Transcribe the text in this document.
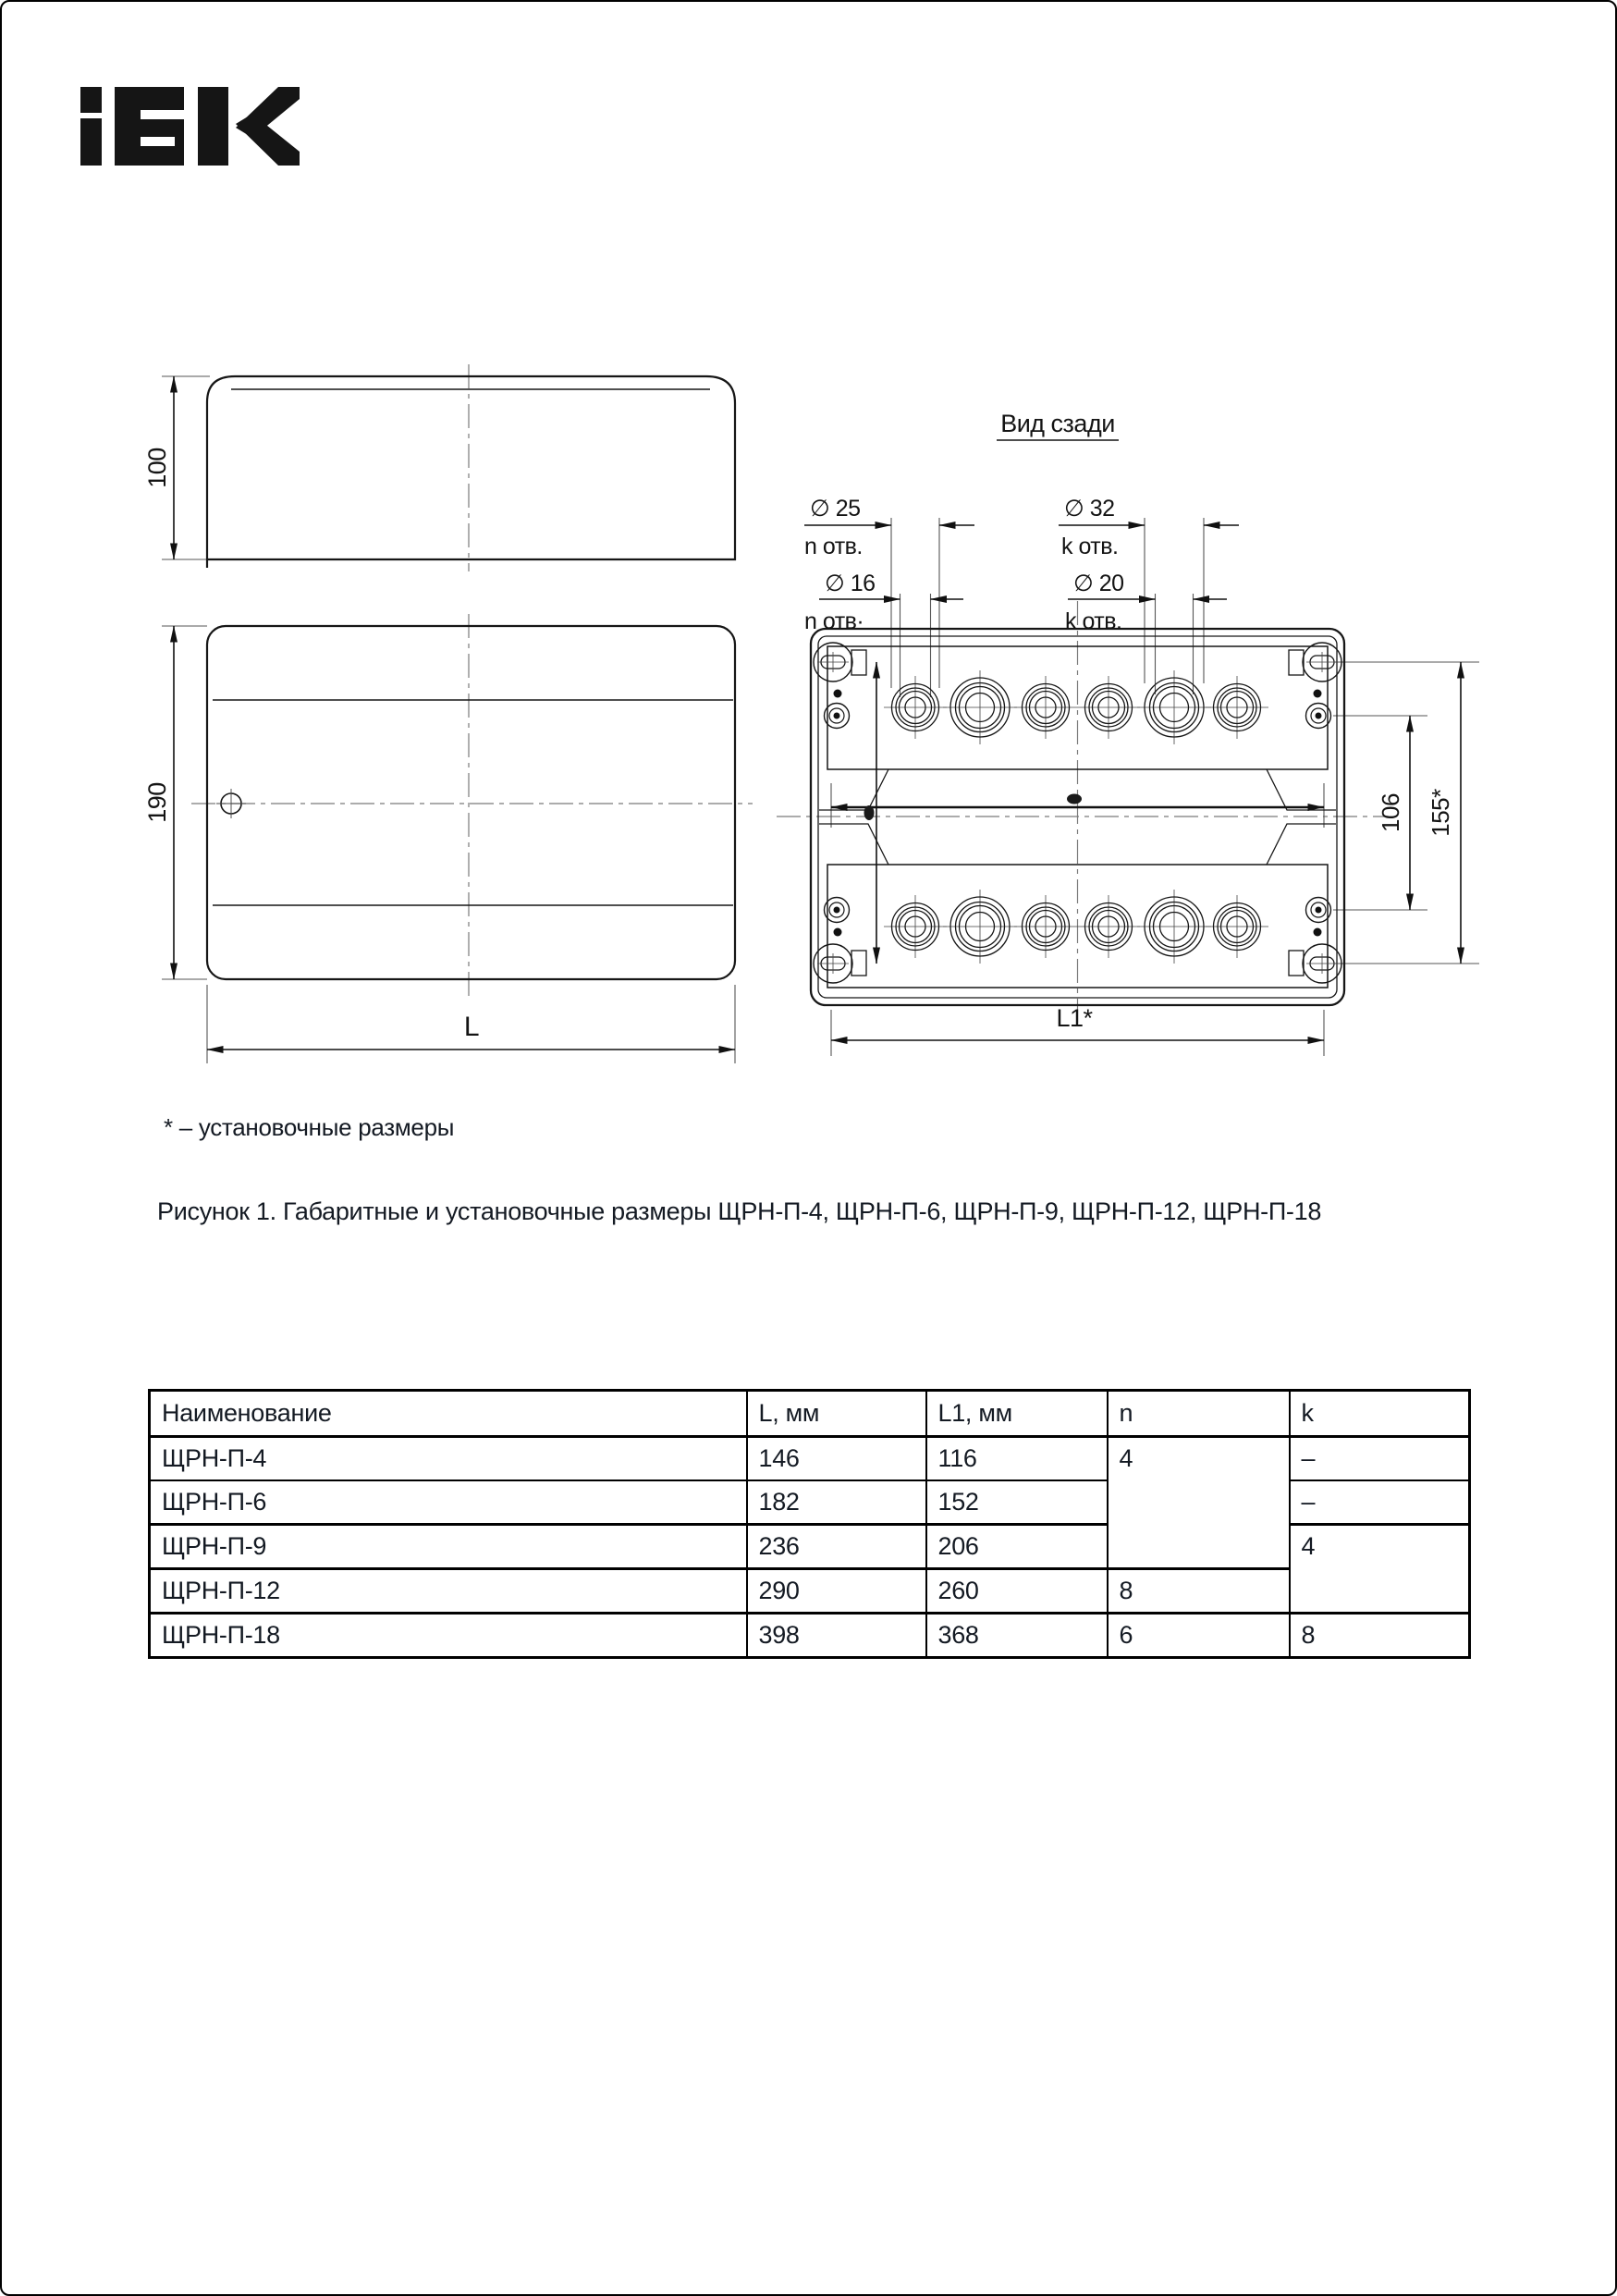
Вид сзади
100
190
L	L1*
106 155*
∅ 25
n отв.
∅ 16
n отв·
∅ 32
k отв.
∅ 20
k отв.
* – установочные размеры
Рисунок 1. Габаритные и установочные размеры ЩРН-П-4, ЩРН-П-6, ЩРН-П-9, ЩРН-П-12, ЩРН-П-18
Наименование	L, мм	L1, мм	n	k
ЩРН-П-4	146	116	4	–
ЩРН-П-6	182	152		–
ЩРН-П-9	236	206		4
ЩРН-П-12	290	260	8	
ЩРН-П-18	398	368	6	8
